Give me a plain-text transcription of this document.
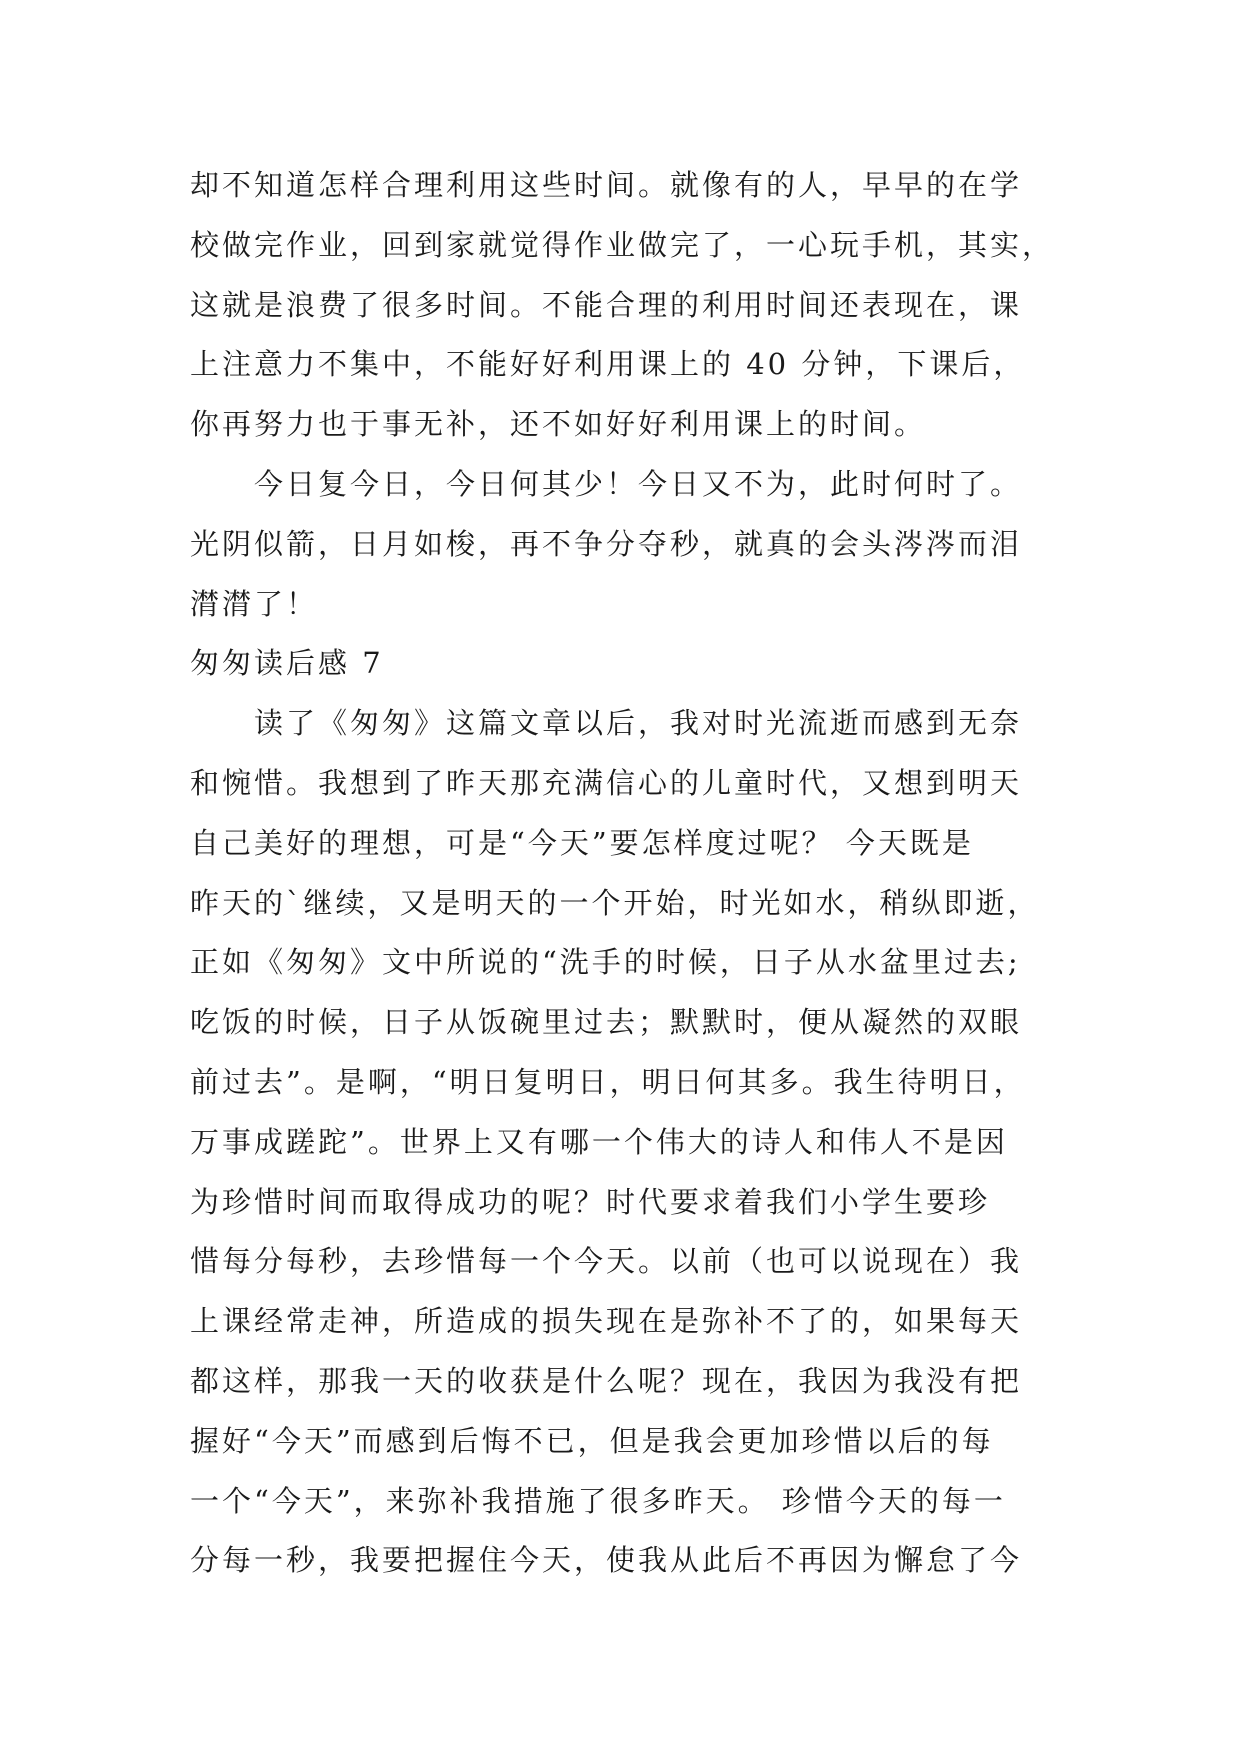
却不知道怎样合理利用这些时间。就像有的人，早早的在学
校做完作业，回到家就觉得作业做完了，一心玩手机，其实，
这就是浪费了很多时间。不能合理的利用时间还表现在，课
上注意力不集中，不能好好利用课上的 40 分钟，下课后，
你再努力也于事无补，还不如好好利用课上的时间。
今日复今日，今日何其少！今日又不为，此时何时了。
光阴似箭，日月如梭，再不争分夺秒，就真的会头涔涔而泪
潸潸了！
匆匆读后感 7
读了《匆匆》这篇文章以后，我对时光流逝而感到无奈
和惋惜。我想到了昨天那充满信心的儿童时代，又想到明天
自己美好的理想，可是“今天”要怎样度过呢？ 今天既是
昨天的`继续，又是明天的一个开始，时光如水，稍纵即逝，
正如《匆匆》文中所说的“洗手的时候，日子从水盆里过去;
吃饭的时候，日子从饭碗里过去；默默时，便从凝然的双眼
前过去”。是啊，“明日复明日，明日何其多。我生待明日，
万事成蹉跎”。世界上又有哪一个伟大的诗人和伟人不是因
为珍惜时间而取得成功的呢？时代要求着我们小学生要珍
惜每分每秒，去珍惜每一个今天。以前（也可以说现在）我
上课经常走神，所造成的损失现在是弥补不了的，如果每天
都这样，那我一天的收获是什么呢？现在，我因为我没有把
握好“今天”而感到后悔不已，但是我会更加珍惜以后的每
一个“今天”，来弥补我措施了很多昨天。 珍惜今天的每一
分每一秒，我要把握住今天，使我从此后不再因为懈怠了今
